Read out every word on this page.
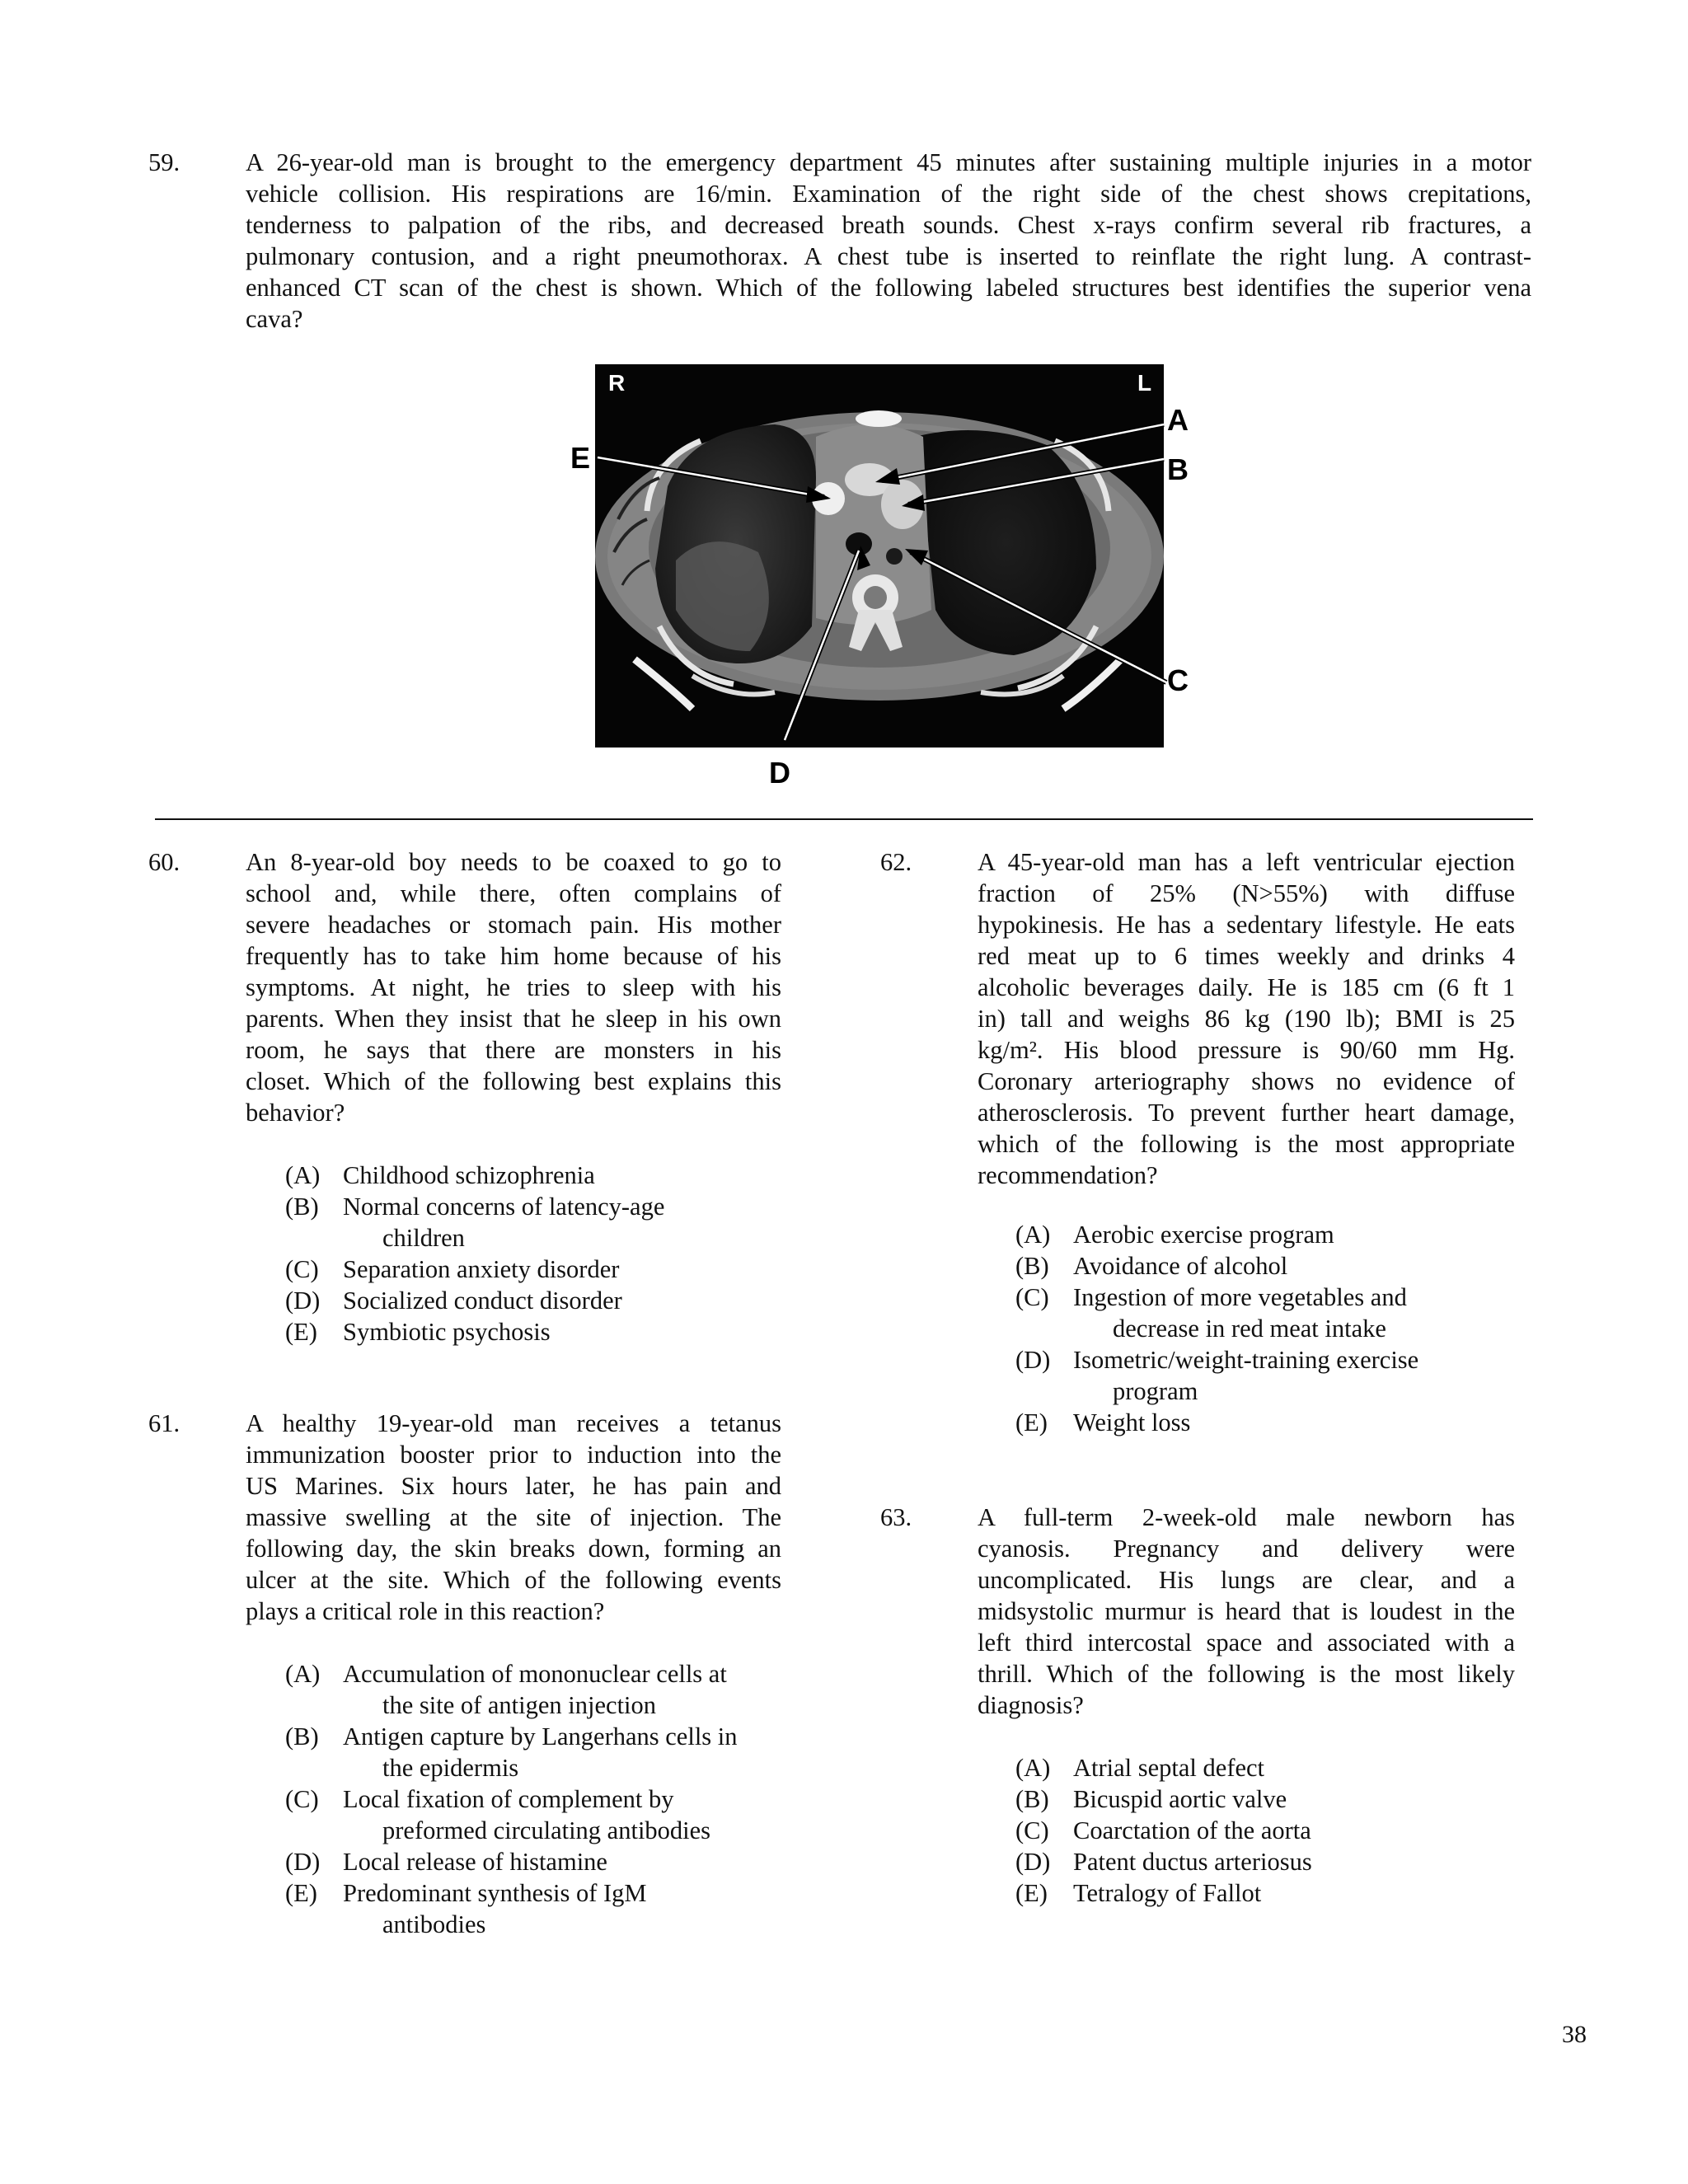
59.	A 26-year-old man is brought to the emergency department 45 minutes after sustaining multiple injuries in a motor
vehicle collision. His respirations are 16/min. Examination of the right side of the chest shows crepitations,
tenderness to palpation of the ribs, and decreased breath sounds. Chest x-rays confirm several rib fractures, a
pulmonary contusion, and a right pneumothorax. A chest tube is inserted to reinflate the right lung. A contrast-
enhanced CT scan of the chest is shown. Which of the following labeled structures best identifies the superior vena
cava?
R	L
A
B
C
D
E
60.	An 8-year-old boy needs to be coaxed to go to
school and, while there, often complains of
severe headaches or stomach pain. His mother
frequently has to take him home because of his
symptoms. At night, he tries to sleep with his
parents. When they insist that he sleep in his own
room, he says that there are monsters in his
closet. Which of the following best explains this
behavior?
(A) Childhood schizophrenia
(B) Normal concerns of latency-age
children
(C) Separation anxiety disorder
(D) Socialized conduct disorder
(E) Symbiotic psychosis
61.	A healthy 19-year-old man receives a tetanus
immunization booster prior to induction into the
US Marines. Six hours later, he has pain and
massive swelling at the site of injection. The
following day, the skin breaks down, forming an
ulcer at the site. Which of the following events
plays a critical role in this reaction?
(A) Accumulation of mononuclear cells at
the site of antigen injection
(B) Antigen capture by Langerhans cells in
the epidermis
(C) Local fixation of complement by
preformed circulating antibodies
(D) Local release of histamine
(E) Predominant synthesis of IgM
antibodies
62.	A 45-year-old man has a left ventricular ejection
fraction of 25% (N>55%) with diffuse
hypokinesis. He has a sedentary lifestyle. He eats
red meat up to 6 times weekly and drinks 4
alcoholic beverages daily. He is 185 cm (6 ft 1
in) tall and weighs 86 kg (190 lb); BMI is 25
kg/m². His blood pressure is 90/60 mm Hg.
Coronary arteriography shows no evidence of
atherosclerosis. To prevent further heart damage,
which of the following is the most appropriate
recommendation?
(A) Aerobic exercise program
(B) Avoidance of alcohol
(C) Ingestion of more vegetables and
decrease in red meat intake
(D) Isometric/weight-training exercise
program
(E) Weight loss
63.	A full-term 2-week-old male newborn has
cyanosis. Pregnancy and delivery were
uncomplicated. His lungs are clear, and a
midsystolic murmur is heard that is loudest in the
left third intercostal space and associated with a
thrill. Which of the following is the most likely
diagnosis?
(A) Atrial septal defect
(B) Bicuspid aortic valve
(C) Coarctation of the aorta
(D) Patent ductus arteriosus
(E) Tetralogy of Fallot
38
